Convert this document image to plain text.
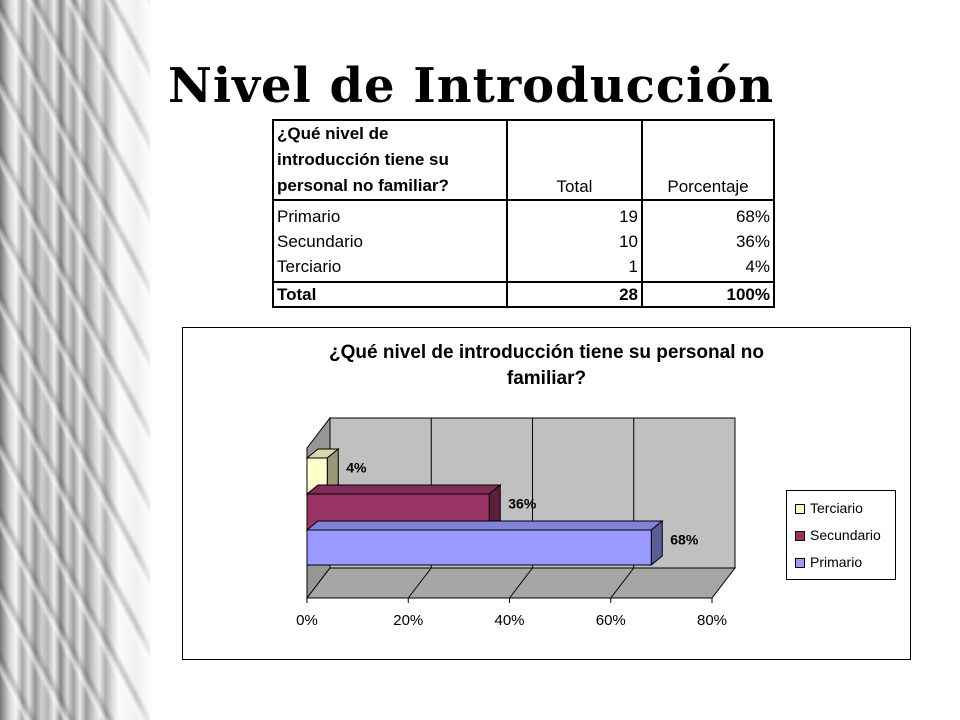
Nivel de Introducción
¿Qué nivel de
introducción tiene su
personal no familiar?	Total	Porcentaje
Primario	19	68%
Secundario	10	36%
Terciario	1	4%
Total	28	100%
¿Qué nivel de introducción tiene su personal no
familiar?
0%	20%	40%	60%	80%
4%
36%
68%
Terciario
Secundario
Primario
